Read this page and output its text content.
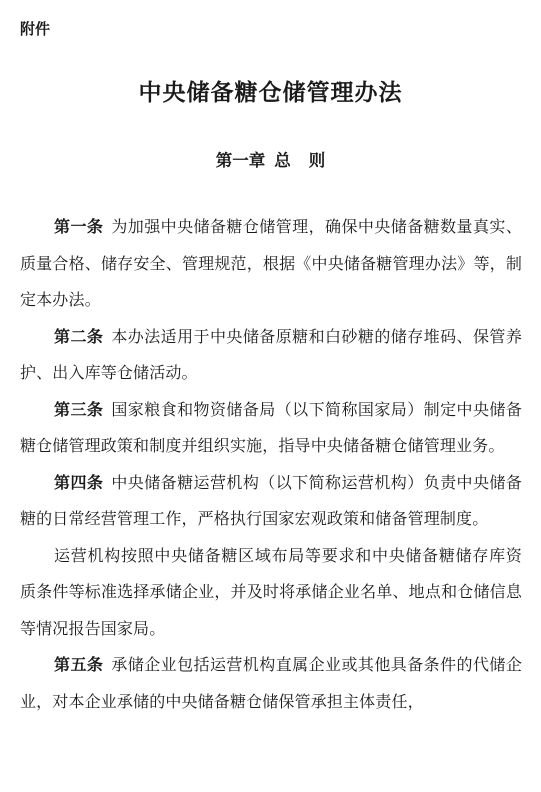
附件

中央储备糖仓储管理办法
第一章 总 则

第一条 为加强中央储备糖仓储管理，确保中央储备糖数量真实、质量合格、储存安全、管理规范，根据《中央储备糖管理办法》等，制定本办法。

第二条 本办法适用于中央储备原糖和白砂糖的储存堆码、保管养护、出入库等仓储活动。

第三条 国家粮食和物资储备局（以下简称国家局）制定中央储备糖仓储管理政策和制度并组织实施，指导中央储备糖仓储管理业务。

第四条 中央储备糖运营机构（以下简称运营机构）负责中央储备糖的日常经营管理工作，严格执行国家宏观政策和储备管理制度。

运营机构按照中央储备糖区域布局等要求和中央储备糖储存库资质条件等标准选择承储企业，并及时将承储企业名单、地点和仓储信息等情况报告国家局。

第五条 承储企业包括运营机构直属企业或其他具备条件的代储企业，对本企业承储的中央储备糖仓储保管承担主体责任，
